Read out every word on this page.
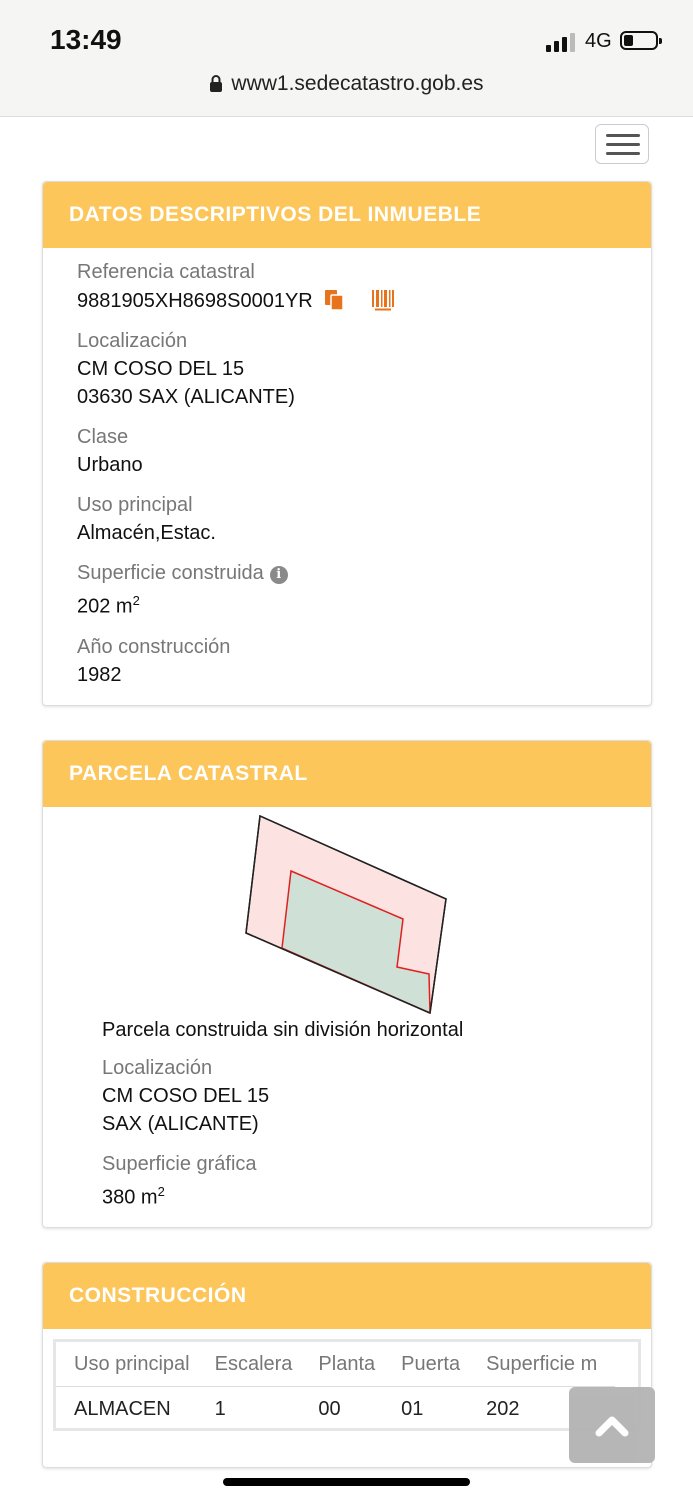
13:49	4G
www1.sedecatastro.gob.es
DATOS DESCRIPTIVOS DEL INMUEBLE
Referencia catastral
9881905XH8698S0001YR
Localización
CM COSO DEL 15
03630 SAX (ALICANTE)
Clase
Urbano
Uso principal
Almacén,Estac.
Superficie construida i
202 $m^2$
Año construcción
1982
PARCELA CATASTRAL
Parcela construida sin división horizontal
Localización
CM COSO DEL 15
SAX (ALICANTE)
Superficie gráfica
380 $m^2$
CONSTRUCCIÓN
Uso principal	Escalera	Planta	Puerta	Superficie m
ALMACEN	1	00	01	202
